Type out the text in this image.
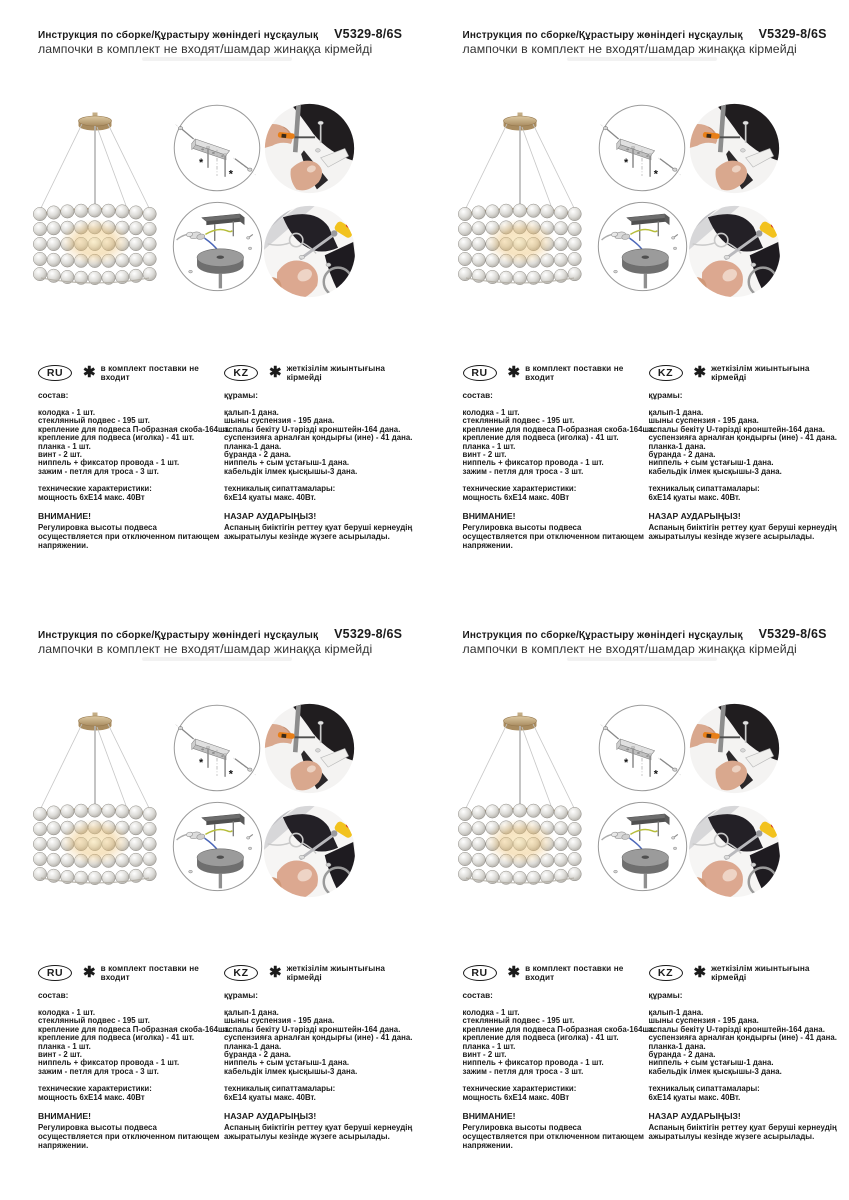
Инструкция по сборке/Құрастыру жөніндегі нұсқаулық V5329-8/6S
лампочки в комплект не входят/шамдар жинаққа кірмейді
*
*
RU	✱ в комплект поставки не входит
состав:
колодка - 1 шт.
стеклянный подвес - 195 шт.
крепление для подвеса П-образная скоба-164шт.
крепление для подвеса (иголка) - 41 шт.
планка - 1 шт.
винт - 2 шт.
ниппель + фиксатор провода - 1 шт.
зажим - петля для троса - 3 шт.
технические характеристики:
мощность 6хЕ14 макс. 40Вт
ВНИМАНИЕ!
Регулировка высоты подвеса осуществляется при отключенном питающем напряжении.
KZ	✱ жеткізілім жиынтығына кірмейді
құрамы:
қалып-1 дана.
шыны суспензия - 195 дана.
аспалы бекіту U-тәрізді кронштейн-164 дана.
суспензияға арналған қондырғы (ине) - 41 дана.
планка-1 дана.
бұранда - 2 дана.
ниппель + сым ұстағыш-1 дана.
кабельдік ілмек қысқышы-3 дана.
техникалық сипаттамалары:
6хЕ14 қуаты макс. 40Вт.
НАЗАР АУДАРЫҢЫЗ!
Аспаның биіктігін реттеу қуат беруші кернеудің ажыратылуы кезінде жүзеге асырылады.
Инструкция по сборке/Құрастыру жөніндегі нұсқаулық V5329-8/6S
лампочки в комплект не входят/шамдар жинаққа кірмейді
*
*
RU	✱ в комплект поставки не входит
состав:
колодка - 1 шт.
стеклянный подвес - 195 шт.
крепление для подвеса П-образная скоба-164шт.
крепление для подвеса (иголка) - 41 шт.
планка - 1 шт.
винт - 2 шт.
ниппель + фиксатор провода - 1 шт.
зажим - петля для троса - 3 шт.
технические характеристики:
мощность 6хЕ14 макс. 40Вт
ВНИМАНИЕ!
Регулировка высоты подвеса осуществляется при отключенном питающем напряжении.
KZ	✱ жеткізілім жиынтығына кірмейді
құрамы:
қалып-1 дана.
шыны суспензия - 195 дана.
аспалы бекіту U-тәрізді кронштейн-164 дана.
суспензияға арналған қондырғы (ине) - 41 дана.
планка-1 дана.
бұранда - 2 дана.
ниппель + сым ұстағыш-1 дана.
кабельдік ілмек қысқышы-3 дана.
техникалық сипаттамалары:
6хЕ14 қуаты макс. 40Вт.
НАЗАР АУДАРЫҢЫЗ!
Аспаның биіктігін реттеу қуат беруші кернеудің ажыратылуы кезінде жүзеге асырылады.
Инструкция по сборке/Құрастыру жөніндегі нұсқаулық V5329-8/6S
лампочки в комплект не входят/шамдар жинаққа кірмейді
*
*
RU	✱ в комплект поставки не входит
состав:
колодка - 1 шт.
стеклянный подвес - 195 шт.
крепление для подвеса П-образная скоба-164шт.
крепление для подвеса (иголка) - 41 шт.
планка - 1 шт.
винт - 2 шт.
ниппель + фиксатор провода - 1 шт.
зажим - петля для троса - 3 шт.
технические характеристики:
мощность 6хЕ14 макс. 40Вт
ВНИМАНИЕ!
Регулировка высоты подвеса осуществляется при отключенном питающем напряжении.
KZ	✱ жеткізілім жиынтығына кірмейді
құрамы:
қалып-1 дана.
шыны суспензия - 195 дана.
аспалы бекіту U-тәрізді кронштейн-164 дана.
суспензияға арналған қондырғы (ине) - 41 дана.
планка-1 дана.
бұранда - 2 дана.
ниппель + сым ұстағыш-1 дана.
кабельдік ілмек қысқышы-3 дана.
техникалық сипаттамалары:
6хЕ14 қуаты макс. 40Вт.
НАЗАР АУДАРЫҢЫЗ!
Аспаның биіктігін реттеу қуат беруші кернеудің ажыратылуы кезінде жүзеге асырылады.
Инструкция по сборке/Құрастыру жөніндегі нұсқаулық V5329-8/6S
лампочки в комплект не входят/шамдар жинаққа кірмейді
*
*
RU	✱ в комплект поставки не входит
состав:
колодка - 1 шт.
стеклянный подвес - 195 шт.
крепление для подвеса П-образная скоба-164шт.
крепление для подвеса (иголка) - 41 шт.
планка - 1 шт.
винт - 2 шт.
ниппель + фиксатор провода - 1 шт.
зажим - петля для троса - 3 шт.
технические характеристики:
мощность 6хЕ14 макс. 40Вт
ВНИМАНИЕ!
Регулировка высоты подвеса осуществляется при отключенном питающем напряжении.
KZ	✱ жеткізілім жиынтығына кірмейді
құрамы:
қалып-1 дана.
шыны суспензия - 195 дана.
аспалы бекіту U-тәрізді кронштейн-164 дана.
суспензияға арналған қондырғы (ине) - 41 дана.
планка-1 дана.
бұранда - 2 дана.
ниппель + сым ұстағыш-1 дана.
кабельдік ілмек қысқышы-3 дана.
техникалық сипаттамалары:
6хЕ14 қуаты макс. 40Вт.
НАЗАР АУДАРЫҢЫЗ!
Аспаның биіктігін реттеу қуат беруші кернеудің ажыратылуы кезінде жүзеге асырылады.
